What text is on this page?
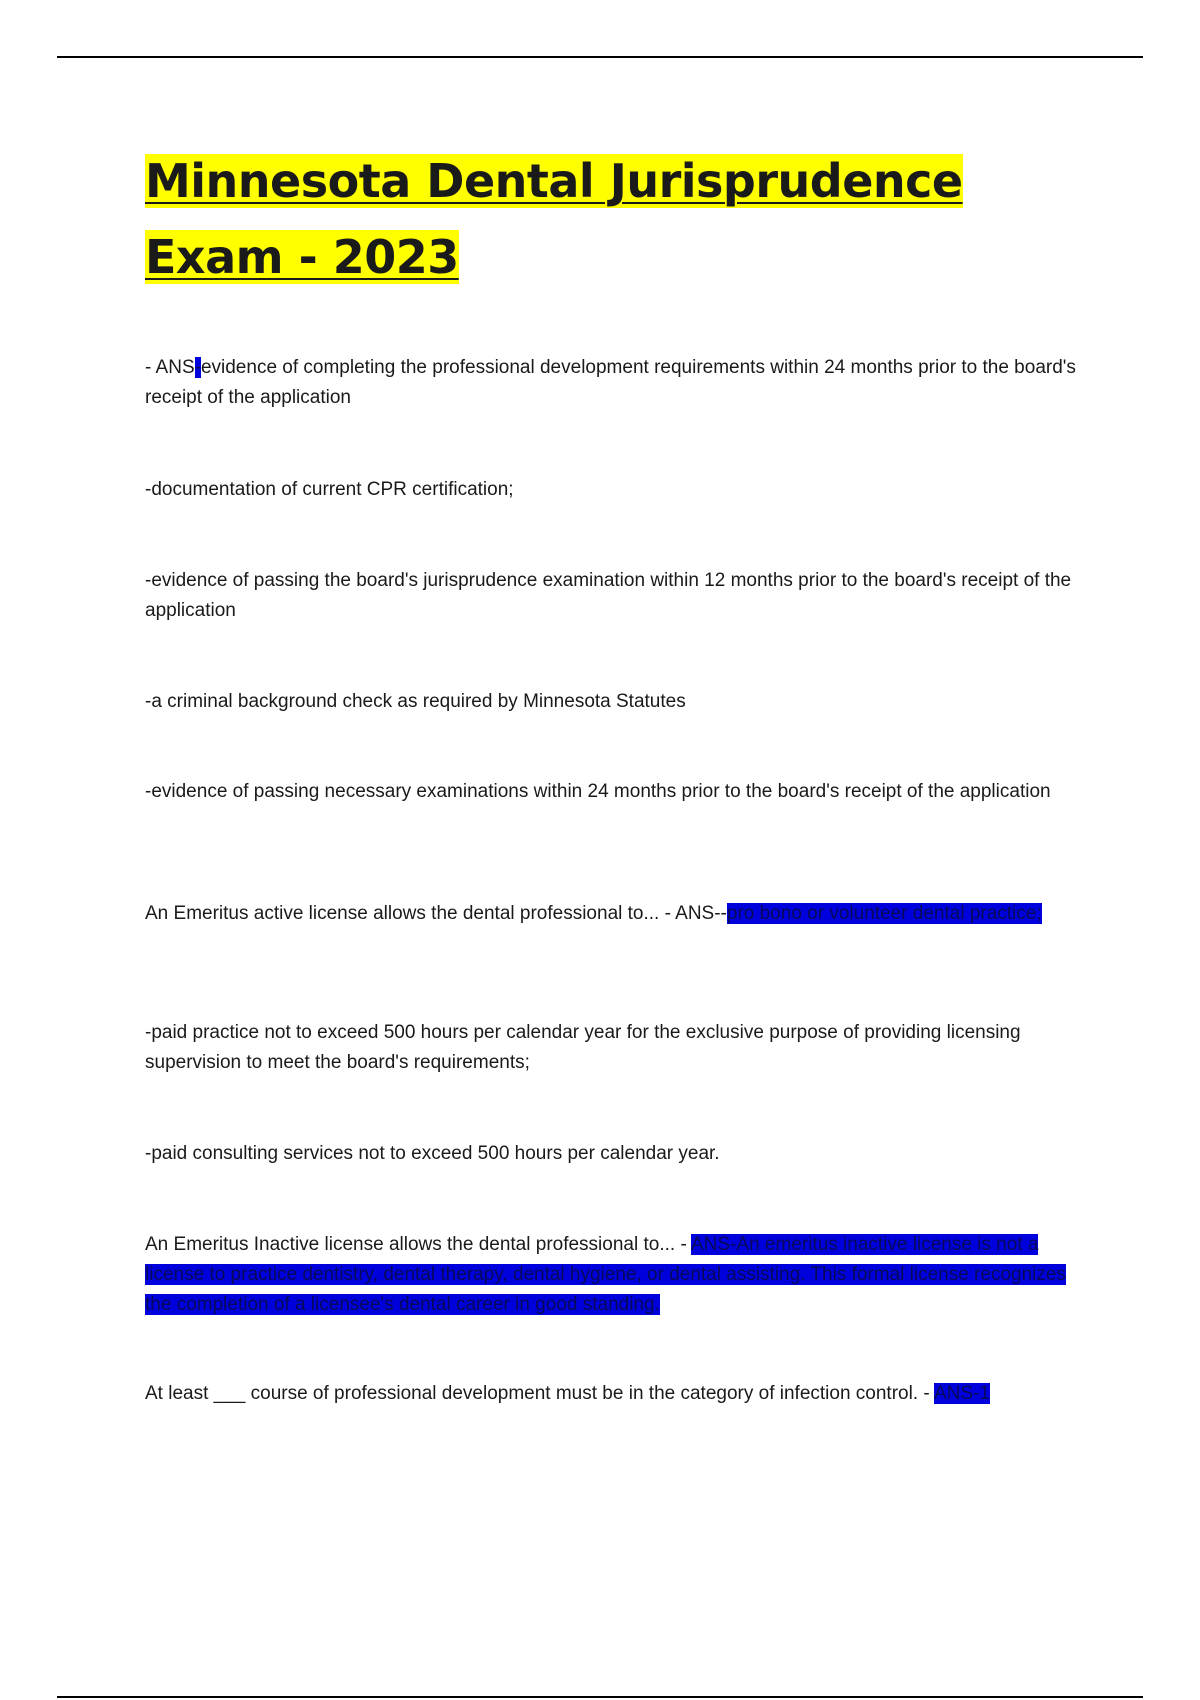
Minnesota Dental Jurisprudence Exam - 2023

- ANS-evidence of completing the professional development requirements within 24 months prior to the board's receipt of the application

-documentation of current CPR certification;

-evidence of passing the board's jurisprudence examination within 12 months prior to the board's receipt of the application

-a criminal background check as required by Minnesota Statutes

-evidence of passing necessary examinations within 24 months prior to the board's receipt of the application

An Emeritus active license allows the dental professional to... - ANS--pro bono or volunteer dental practice;

-paid practice not to exceed 500 hours per calendar year for the exclusive purpose of providing licensing supervision to meet the board's requirements;

-paid consulting services not to exceed 500 hours per calendar year.

An Emeritus Inactive license allows the dental professional to... - ANS-An emeritus inactive license is not a license to practice dentistry, dental therapy, dental hygiene, or dental assisting. This formal license recognizes the completion of a licensee's dental career in good standing.

At least ___ course of professional development must be in the category of infection control. - ANS-1
